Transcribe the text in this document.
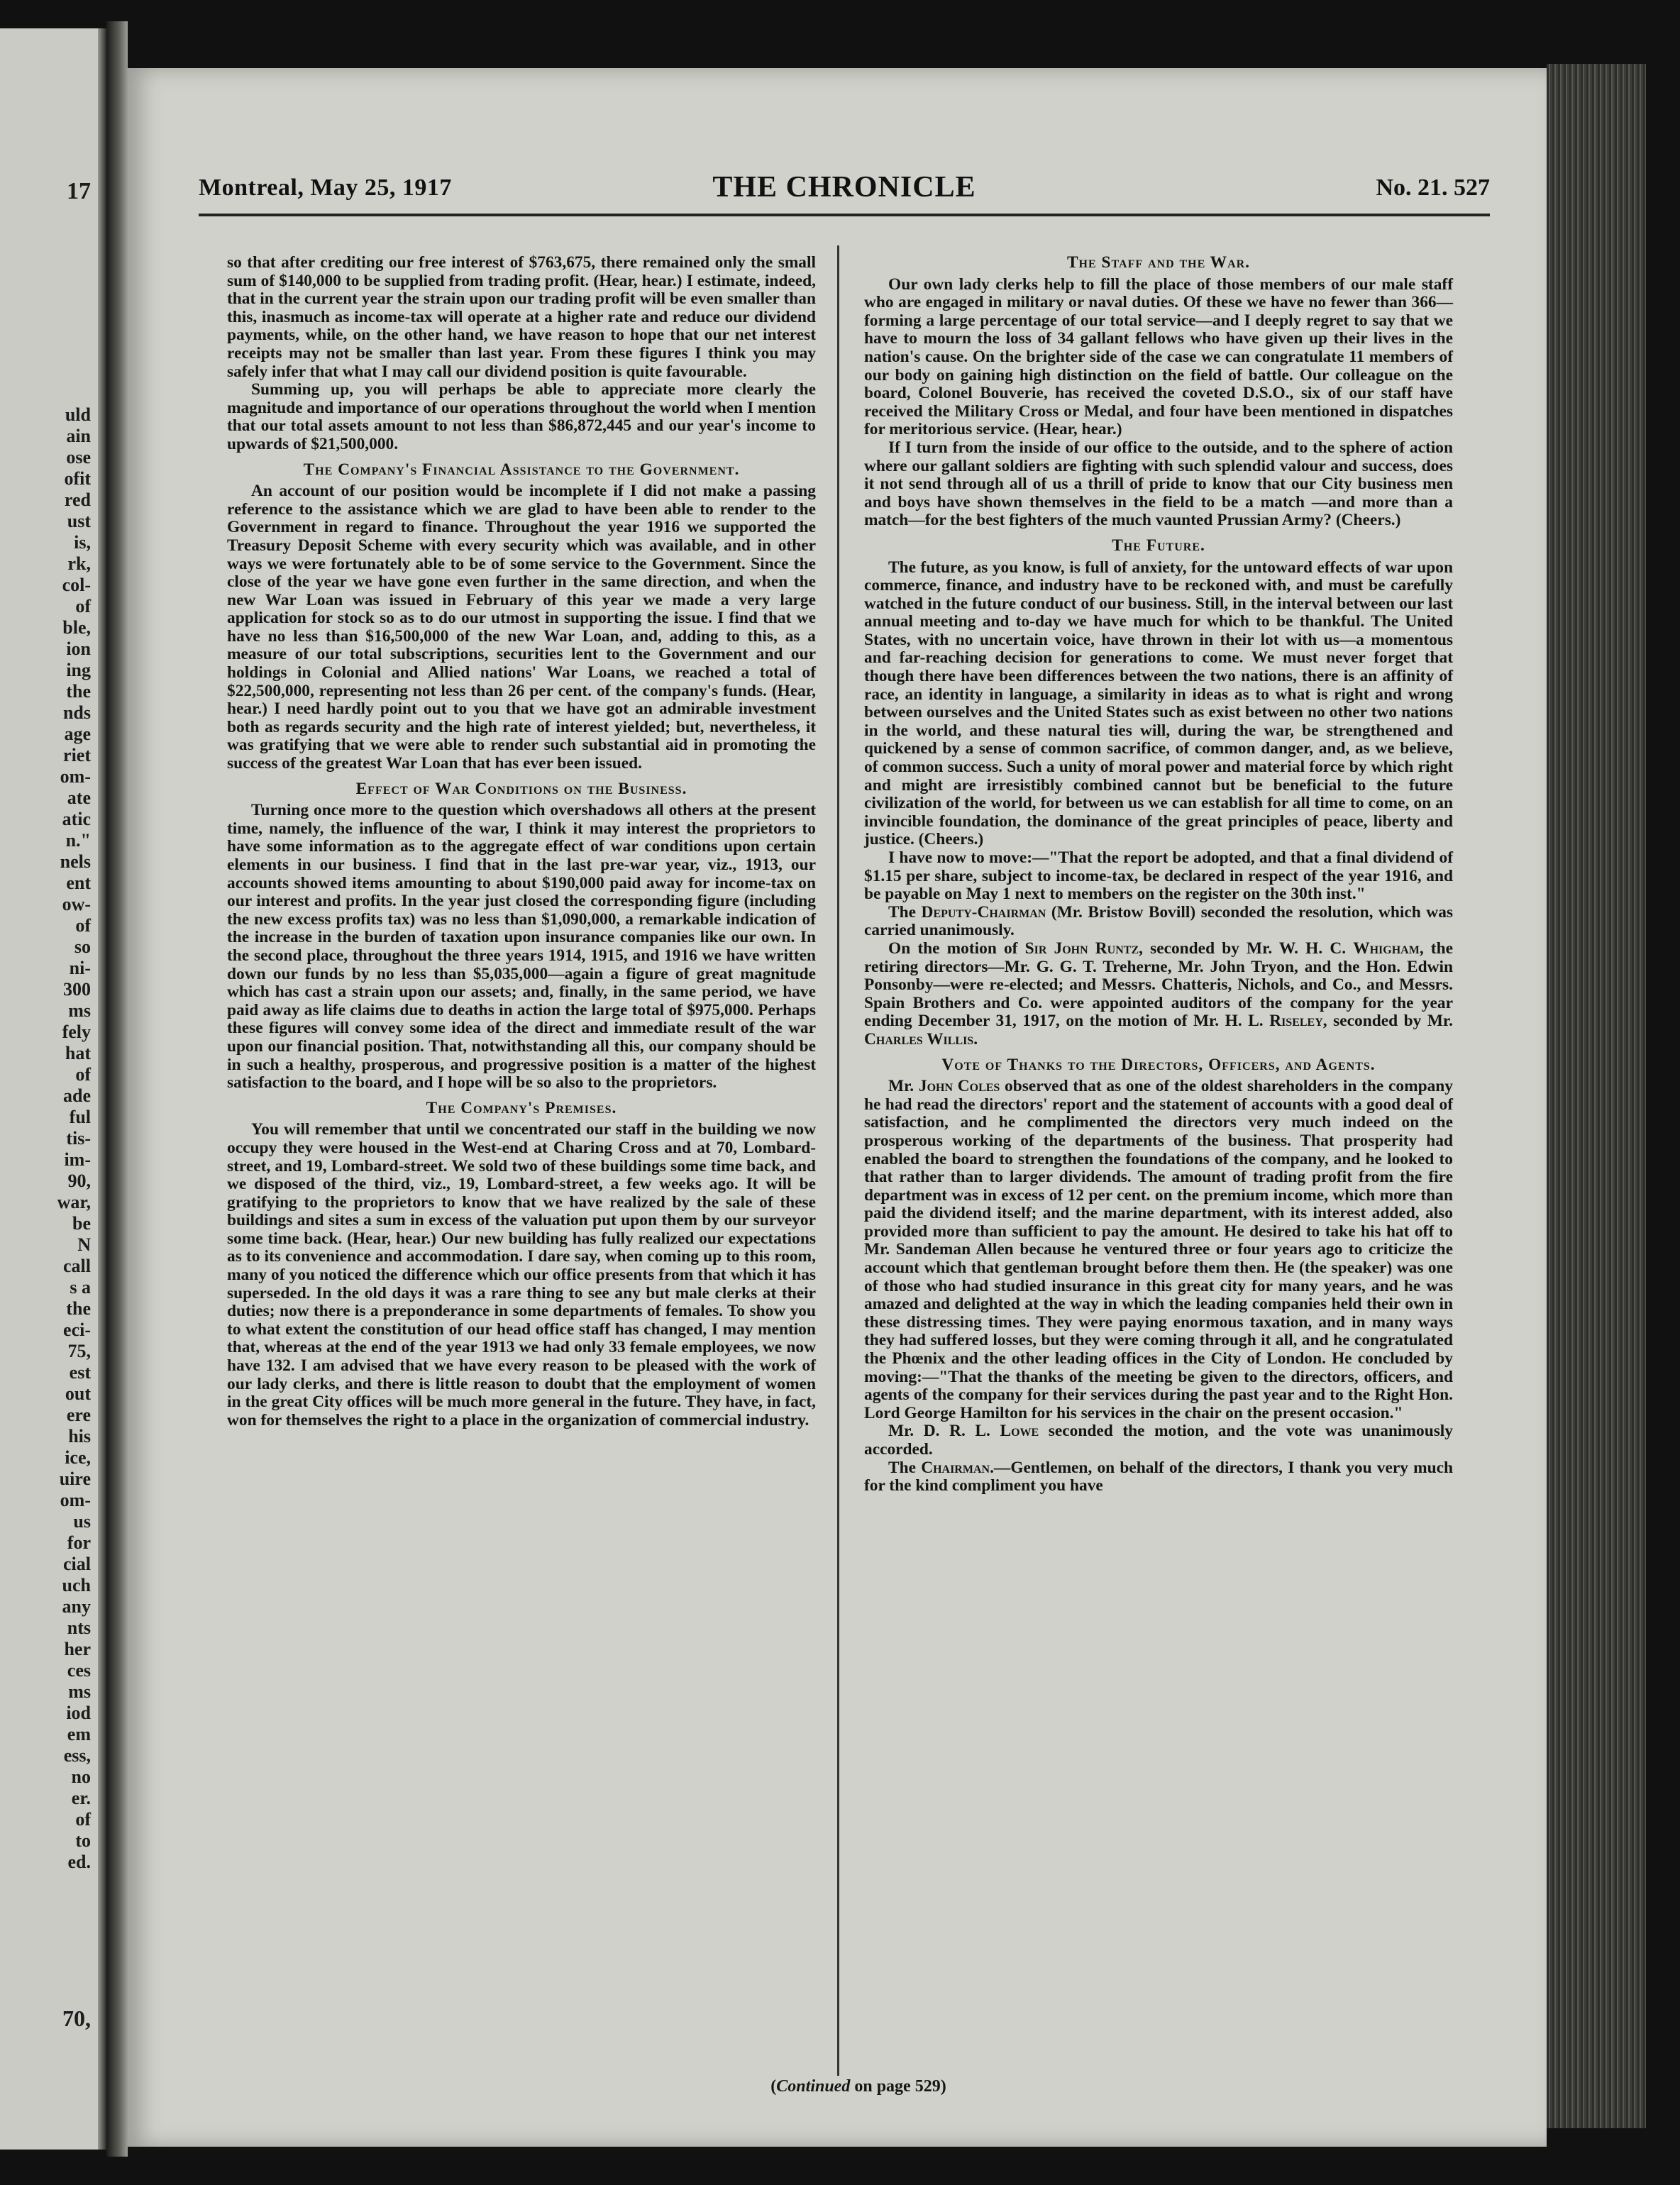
17
uld
ain
ose
ofit
red
ust
is,
rk,
col-
of
ble,
ion
ing
the
nds
age
riet
om-
ate
atic
n."
nels
ent
ow-
of
so
ni-
300
ms
fely
hat
of
ade
ful
tis-
im-
90,
war,
be
N
call
s a
the
eci-
75,
est
out
ere
his
ice,
uire
om-
us
for
cial
uch
any
nts
her
ces
ms
iod
em
ess,
no
er.
of
to
ed.
70,
Montreal, May 25, 1917	THE CHRONICLE	No. 21. 527

so that after crediting our free interest of $763,675, there remained only the small sum of $140,000 to be supplied from trading profit. (Hear, hear.) I estimate, indeed, that in the current year the strain upon our trading profit will be even smaller than this, inasmuch as income-tax will operate at a higher rate and reduce our dividend payments, while, on the other hand, we have reason to hope that our net interest receipts may not be smaller than last year. From these figures I think you may safely infer that what I may call our dividend position is quite favourable.

Summing up, you will perhaps be able to appreciate more clearly the magnitude and importance of our operations throughout the world when I mention that our total assets amount to not less than $86,872,445 and our year's income to upwards of $21,500,000.

The Company's Financial Assistance to the Government.

An account of our position would be incomplete if I did not make a passing reference to the assistance which we are glad to have been able to render to the Government in regard to finance. Throughout the year 1916 we supported the Treasury Deposit Scheme with every security which was available, and in other ways we were fortunately able to be of some service to the Government. Since the close of the year we have gone even further in the same direction, and when the new War Loan was issued in February of this year we made a very large application for stock so as to do our utmost in supporting the issue. I find that we have no less than $16,500,000 of the new War Loan, and, adding to this, as a measure of our total subscriptions, securities lent to the Government and our holdings in Colonial and Allied nations' War Loans, we reached a total of $22,500,000, representing not less than 26 per cent. of the company's funds. (Hear, hear.) I need hardly point out to you that we have got an admirable investment both as regards security and the high rate of interest yielded; but, nevertheless, it was gratifying that we were able to render such substantial aid in promoting the success of the greatest War Loan that has ever been issued.

Effect of War Conditions on the Business.

Turning once more to the question which overshadows all others at the present time, namely, the influence of the war, I think it may interest the proprietors to have some information as to the aggregate effect of war conditions upon certain elements in our business. I find that in the last pre-war year, viz., 1913, our accounts showed items amounting to about $190,000 paid away for income-tax on our interest and profits. In the year just closed the corresponding figure (including the new excess profits tax) was no less than $1,090,000, a remarkable indication of the increase in the burden of taxation upon insurance companies like our own. In the second place, throughout the three years 1914, 1915, and 1916 we have written down our funds by no less than $5,035,000—again a figure of great magnitude which has cast a strain upon our assets; and, finally, in the same period, we have paid away as life claims due to deaths in action the large total of $975,000. Perhaps these figures will convey some idea of the direct and immediate result of the war upon our financial position. That, notwithstanding all this, our company should be in such a healthy, prosperous, and progressive position is a matter of the highest satisfaction to the board, and I hope will be so also to the proprietors.

The Company's Premises.

You will remember that until we concentrated our staff in the building we now occupy they were housed in the West-end at Charing Cross and at 70, Lombard-street, and 19, Lombard-street. We sold two of these buildings some time back, and we disposed of the third, viz., 19, Lombard-street, a few weeks ago. It will be gratifying to the proprietors to know that we have realized by the sale of these buildings and sites a sum in excess of the valuation put upon them by our surveyor some time back. (Hear, hear.) Our new building has fully realized our expectations as to its convenience and accommodation. I dare say, when coming up to this room, many of you noticed the difference which our office presents from that which it has superseded. In the old days it was a rare thing to see any but male clerks at their duties; now there is a preponderance in some departments of females. To show you to what extent the constitution of our head office staff has changed, I may mention that, whereas at the end of the year 1913 we had only 33 female employees, we now have 132. I am advised that we have every reason to be pleased with the work of our lady clerks, and there is little reason to doubt that the employment of women in the great City offices will be much more general in the future. They have, in fact, won for themselves the right to a place in the organization of commercial industry.

The Staff and the War.

Our own lady clerks help to fill the place of those members of our male staff who are engaged in military or naval duties. Of these we have no fewer than 366—forming a large percentage of our total service—and I deeply regret to say that we have to mourn the loss of 34 gallant fellows who have given up their lives in the nation's cause. On the brighter side of the case we can congratulate 11 members of our body on gaining high distinction on the field of battle. Our colleague on the board, Colonel Bouverie, has received the coveted D.S.O., six of our staff have received the Military Cross or Medal, and four have been mentioned in dispatches for meritorious service. (Hear, hear.)

If I turn from the inside of our office to the outside, and to the sphere of action where our gallant soldiers are fighting with such splendid valour and success, does it not send through all of us a thrill of pride to know that our City business men and boys have shown themselves in the field to be a match —and more than a match—for the best fighters of the much vaunted Prussian Army? (Cheers.)

The Future.

The future, as you know, is full of anxiety, for the untoward effects of war upon commerce, finance, and industry have to be reckoned with, and must be carefully watched in the future conduct of our business. Still, in the interval between our last annual meeting and to-day we have much for which to be thankful. The United States, with no uncertain voice, have thrown in their lot with us—a momentous and far-reaching decision for generations to come. We must never forget that though there have been differences between the two nations, there is an affinity of race, an identity in language, a similarity in ideas as to what is right and wrong between ourselves and the United States such as exist between no other two nations in the world, and these natural ties will, during the war, be strengthened and quickened by a sense of common sacrifice, of common danger, and, as we believe, of common success. Such a unity of moral power and material force by which right and might are irresistibly combined cannot but be beneficial to the future civilization of the world, for between us we can establish for all time to come, on an invincible foundation, the dominance of the great principles of peace, liberty and justice. (Cheers.)

I have now to move:—"That the report be adopted, and that a final dividend of $1.15 per share, subject to income-tax, be declared in respect of the year 1916, and be payable on May 1 next to members on the register on the 30th inst."

The Deputy-Chairman (Mr. Bristow Bovill) seconded the resolution, which was carried unanimously.

On the motion of Sir John Runtz, seconded by Mr. W. H. C. Whigham, the retiring directors—Mr. G. G. T. Treherne, Mr. John Tryon, and the Hon. Edwin Ponsonby—were re-elected; and Messrs. Chatteris, Nichols, and Co., and Messrs. Spain Brothers and Co. were appointed auditors of the company for the year ending December 31, 1917, on the motion of Mr. H. L. Riseley, seconded by Mr. Charles Willis.

Vote of Thanks to the Directors, Officers, and Agents.

Mr. John Coles observed that as one of the oldest shareholders in the company he had read the directors' report and the statement of accounts with a good deal of satisfaction, and he complimented the directors very much indeed on the prosperous working of the departments of the business. That prosperity had enabled the board to strengthen the foundations of the company, and he looked to that rather than to larger dividends. The amount of trading profit from the fire department was in excess of 12 per cent. on the premium income, which more than paid the dividend itself; and the marine department, with its interest added, also provided more than sufficient to pay the amount. He desired to take his hat off to Mr. Sandeman Allen because he ventured three or four years ago to criticize the account which that gentleman brought before them then. He (the speaker) was one of those who had studied insurance in this great city for many years, and he was amazed and delighted at the way in which the leading companies held their own in these distressing times. They were paying enormous taxation, and in many ways they had suffered losses, but they were coming through it all, and he congratulated the Phœnix and the other leading offices in the City of London. He concluded by moving:—"That the thanks of the meeting be given to the directors, officers, and agents of the company for their services during the past year and to the Right Hon. Lord George Hamilton for his services in the chair on the present occasion."

Mr. D. R. L. Lowe seconded the motion, and the vote was unanimously accorded.

The Chairman.—Gentlemen, on behalf of the directors, I thank you very much for the kind compliment you have

(Continued on page 529)
